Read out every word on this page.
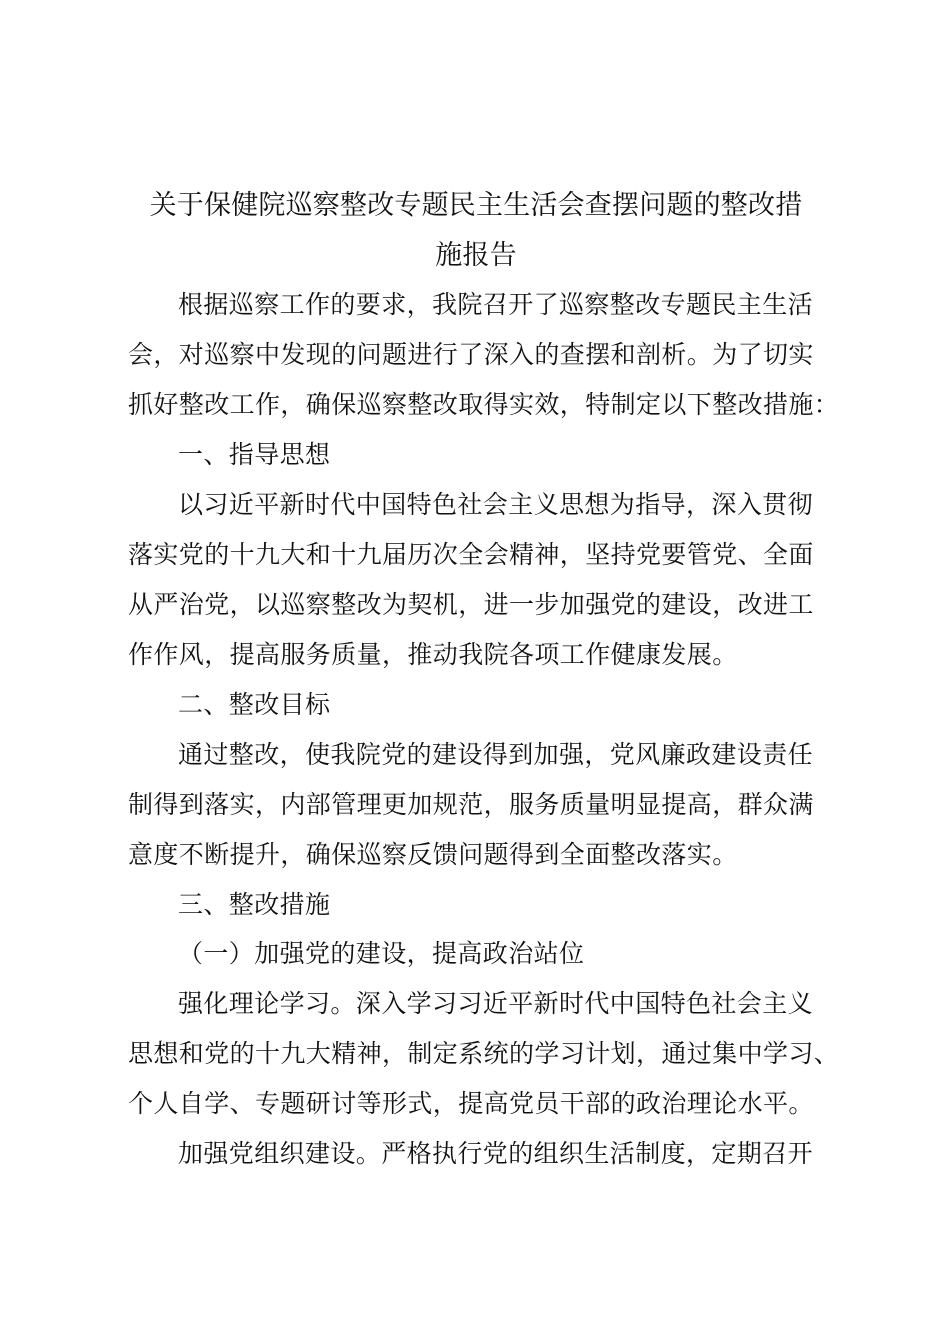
关于保健院巡察整改专题民主生活会查摆问题的整改措
施报告
根据巡察工作的要求，我院召开了巡察整改专题民主生活
会，对巡察中发现的问题进行了深入的查摆和剖析。为了切实
抓好整改工作，确保巡察整改取得实效，特制定以下整改措施：
一、指导思想
以习近平新时代中国特色社会主义思想为指导，深入贯彻
落实党的十九大和十九届历次全会精神，坚持党要管党、全面
从严治党，以巡察整改为契机，进一步加强党的建设，改进工
作作风，提高服务质量，推动我院各项工作健康发展。
二、整改目标
通过整改，使我院党的建设得到加强，党风廉政建设责任
制得到落实，内部管理更加规范，服务质量明显提高，群众满
意度不断提升，确保巡察反馈问题得到全面整改落实。
三、整改措施
（一）加强党的建设，提高政治站位
强化理论学习。深入学习习近平新时代中国特色社会主义
思想和党的十九大精神，制定系统的学习计划，通过集中学习、
个人自学、专题研讨等形式，提高党员干部的政治理论水平。
加强党组织建设。严格执行党的组织生活制度，定期召开
